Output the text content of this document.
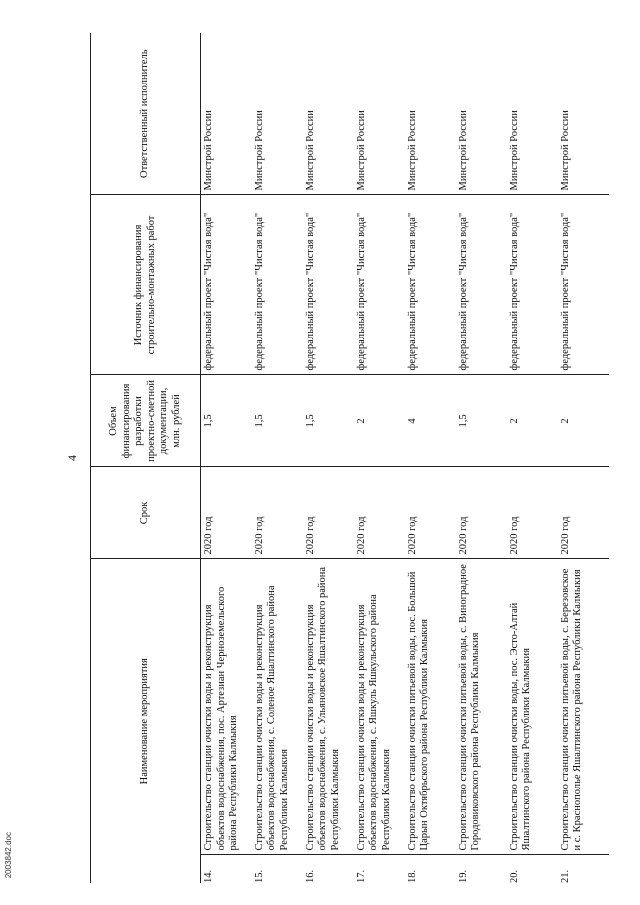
4
Наименование мероприятия		Срок	Объем финансирования разработки проектно-сметной документации, млн. рублей	Источник финансирования строительно-монтажных работ	Ответственный исполнитель
14.	Строительство станции очистки воды и реконструкция объектов водоснабжения, пос. Артезиан Черноземельского района Республики Калмыкия	2020 год	1,5	федеральный проект "Чистая вода"	Минстрой России
15.	Строительство станции очистки воды и реконструкция объектов водоснабжения, с. Соленое Яшалтинского района Республики Калмыкия	2020 год	1,5	федеральный проект "Чистая вода"	Минстрой России
16.	Строительство станции очистки воды и реконструкция объектов водоснабжения, с. Ульяновское Яшалтинского района Республики Калмыкия	2020 год	1,5	федеральный проект "Чистая вода"	Минстрой России
17.	Строительство станции очистки воды и реконструкция объектов водоснабжения, с. Яшкуль Яшкульского района Республики Калмыкия	2020 год	2	федеральный проект "Чистая вода"	Минстрой России
18.	Строительство станции очистки питьевой воды, пос. Большой Царын Октябрьского района Республики Калмыкия	2020 год	4	федеральный проект "Чистая вода"	Минстрой России
19.	Строительство станции очистки питьевой воды, с. Виноградное Городовиковского района Республики Калмыкия	2020 год	1,5	федеральный проект "Чистая вода"	Минстрой России
20.	Строительство станции очистки воды, пос. Эсто-Алтай Яшалтинского района Республики Калмыкия	2020 год	2	федеральный проект "Чистая вода"	Минстрой России
21.	Строительство станции очистки питьевой воды, с. Березовское и с. Краснополье Яшалтинского района Республики Калмыкия	2020 год	2	федеральный проект "Чистая вода"	Минстрой России
2003842.doc
